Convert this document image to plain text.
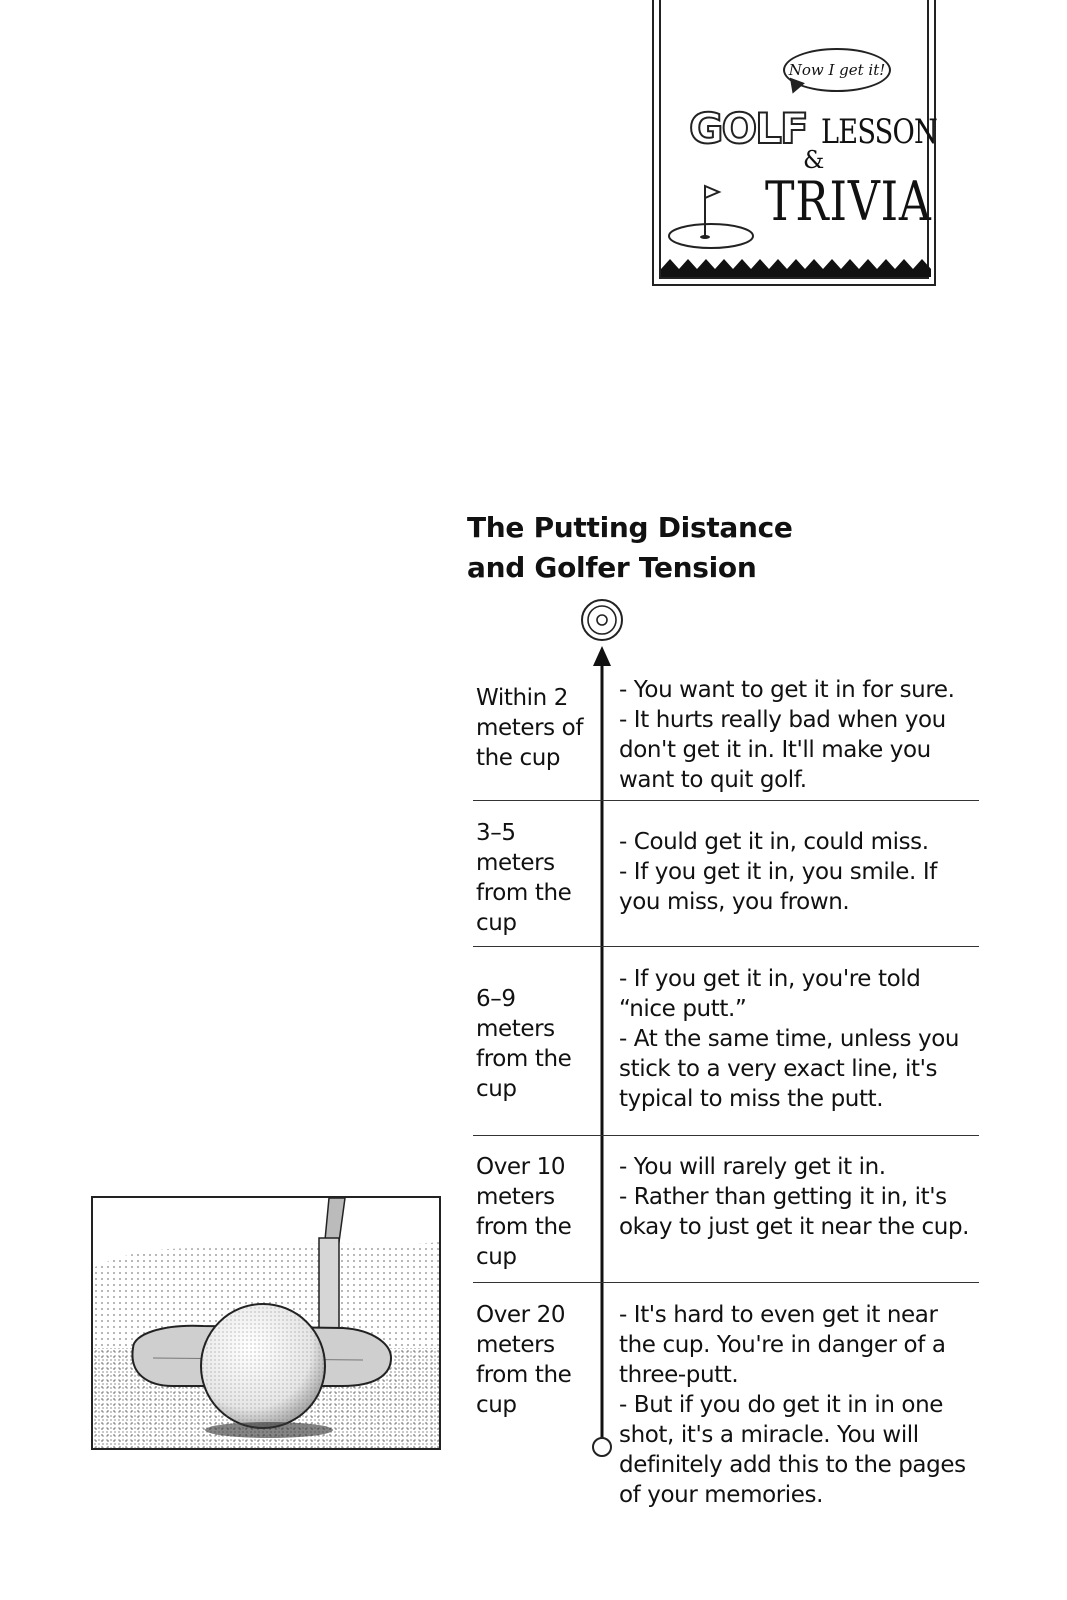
Now I get it!
GOLF LESSON
&
TRIVIA
The Putting Distance
and Golfer Tension
Within 2 meters of the cup
- You want to get it in for sure.
- It hurts really bad when you don't get it in. It'll make you want to quit golf.
3–5 meters from the cup
- Could get it in, could miss.
- If you get it in, you smile. If you miss, you frown.
6–9 meters from the cup
- If you get it in, you're told “nice putt.”
- At the same time, unless you stick to a very exact line, it's typical to miss the putt.
Over 10 meters from the cup
- You will rarely get it in.
- Rather than getting it in, it's okay to just get it near the cup.
Over 20 meters from the cup
- It's hard to even get it near the cup. You're in danger of a three-putt.
- But if you do get it in in one shot, it's a miracle. You will definitely add this to the pages of your memories.
